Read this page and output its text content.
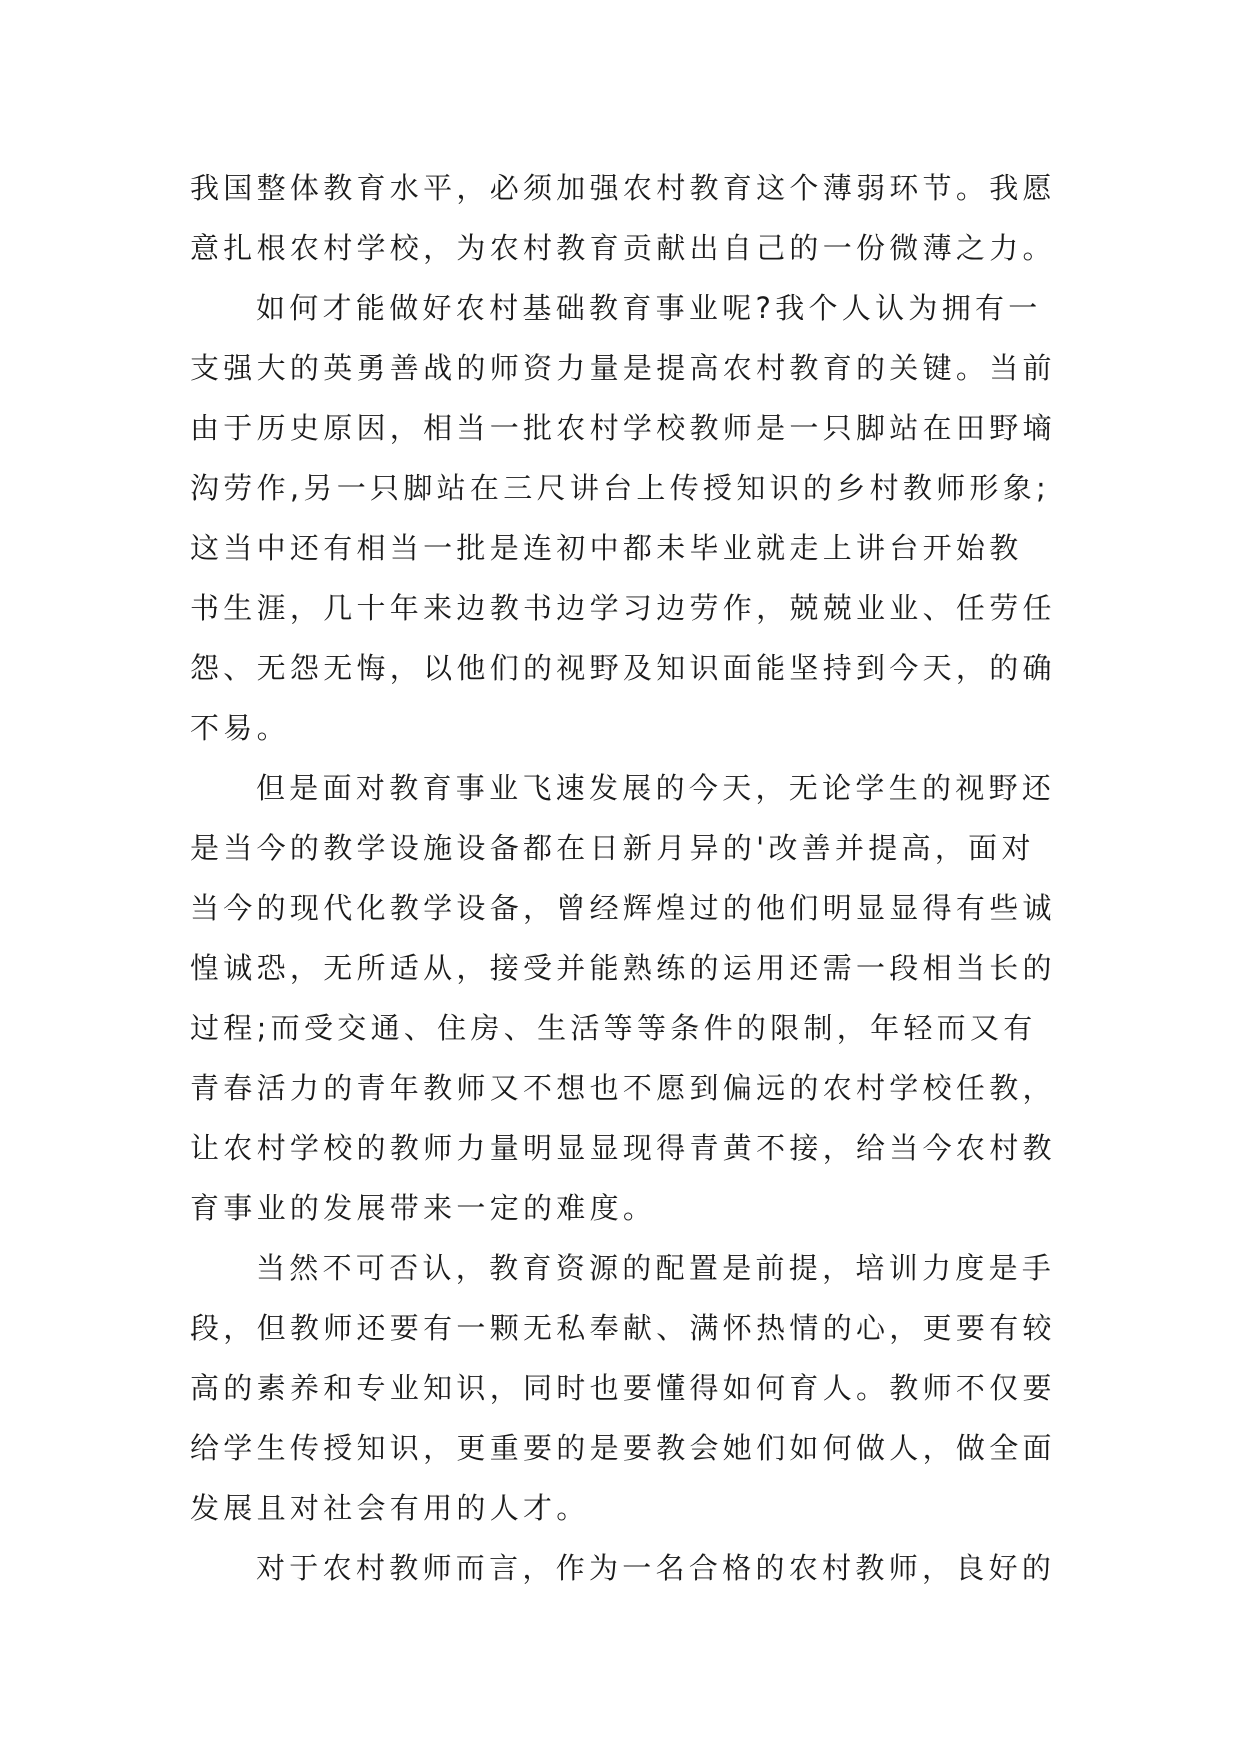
我国整体教育水平，必须加强农村教育这个薄弱环节。我愿
意扎根农村学校，为农村教育贡献出自己的一份微薄之力。
如何才能做好农村基础教育事业呢?我个人认为拥有一
支强大的英勇善战的师资力量是提高农村教育的关键。当前
由于历史原因，相当一批农村学校教师是一只脚站在田野墒
沟劳作,另一只脚站在三尺讲台上传授知识的乡村教师形象;
这当中还有相当一批是连初中都未毕业就走上讲台开始教
书生涯，几十年来边教书边学习边劳作，兢兢业业、任劳任
怨、无怨无悔，以他们的视野及知识面能坚持到今天，的确
不易。
但是面对教育事业飞速发展的今天，无论学生的视野还
是当今的教学设施设备都在日新月异的'改善并提高，面对
当今的现代化教学设备，曾经辉煌过的他们明显显得有些诚
惶诚恐，无所适从，接受并能熟练的运用还需一段相当长的
过程;而受交通、住房、生活等等条件的限制，年轻而又有
青春活力的青年教师又不想也不愿到偏远的农村学校任教，
让农村学校的教师力量明显显现得青黄不接，给当今农村教
育事业的发展带来一定的难度。
当然不可否认，教育资源的配置是前提，培训力度是手
段，但教师还要有一颗无私奉献、满怀热情的心，更要有较
高的素养和专业知识，同时也要懂得如何育人。教师不仅要
给学生传授知识，更重要的是要教会她们如何做人，做全面
发展且对社会有用的人才。
对于农村教师而言，作为一名合格的农村教师，良好的
